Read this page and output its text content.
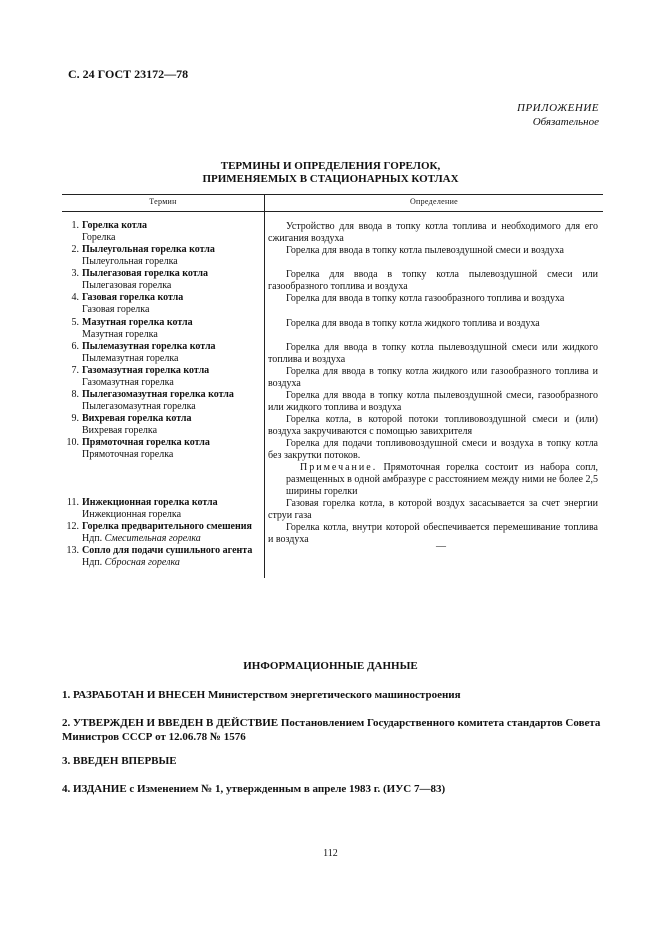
С. 24 ГОСТ 23172—78
ПРИЛОЖЕНИЕ
Обязательное
ТЕРМИНЫ И ОПРЕДЕЛЕНИЯ ГОРЕЛОК,
ПРИМЕНЯЕМЫХ В СТАЦИОНАРНЫХ КОТЛАХ
Термин	Определение
1. Горелка котла
Горелка
2. Пылеугольная горелка котла
Пылеугольная горелка
3. Пылегазовая горелка котла
Пылегазовая горелка
4. Газовая горелка котла
Газовая горелка
5. Мазутная горелка котла
Мазутная горелка
6. Пылемазутная горелка котла
Пылемазутная горелка
7. Газомазутная горелка котла
Газомазутная горелка
8. Пылегазомазутная горелка котла
Пылегазомазутная горелка
9. Вихревая горелка котла
Вихревая горелка
10. Прямоточная горелка котла
Прямоточная горелка
11. Инжекционная горелка котла
Инжекционная горелка
12. Горелка предварительного смешения
Ндп. Смесительная горелка
13. Сопло для подачи сушильного агента
Ндп. Сбросная горелка
Устройство для ввода в топку котла топлива и необходимого для его сжигания воздуха
Горелка для ввода в топку котла пылевоздушной смеси и воздуха
Горелка для ввода в топку котла пылевоздушной смеси или газообразного топлива и воздуха
Горелка для ввода в топку котла газообразного топлива и воздуха
Горелка для ввода в топку котла жидкого топлива и воздуха
Горелка для ввода в топку котла пылевоздушной смеси или жидкого топлива и воздуха
Горелка для ввода в топку котла жидкого или газообразного топлива и воздуха
Горелка для ввода в топку котла пылевоздушной смеси, газообразного или жидкого топлива и воздуха
Горелка котла, в которой потоки топливовоздушной смеси и (или) воздуха закручиваются с помощью завихрителя
Горелка для подачи топливовоздушной смеси и воздуха в топку котла без закрутки потоков.
Примечание. Прямоточная горелка состоит из набора сопл, размещенных в одной амбразуре с расстоянием между ними не более 2,5 ширины горелки
Газовая горелка котла, в которой воздух засасывается за счет энергии струи газа
Горелка котла, внутри которой обеспечивается перемешивание топлива и воздуха
—
ИНФОРМАЦИОННЫЕ ДАННЫЕ
1. РАЗРАБОТАН И ВНЕСЕН Министерством энергетического машиностроения
2. УТВЕРЖДЕН И ВВЕДЕН В ДЕЙСТВИЕ Постановлением Государственного комитета стандартов Совета Министров СССР от 12.06.78 № 1576
3. ВВЕДЕН ВПЕРВЫЕ
4. ИЗДАНИЕ с Изменением № 1, утвержденным в апреле 1983 г. (ИУС 7—83)
112
